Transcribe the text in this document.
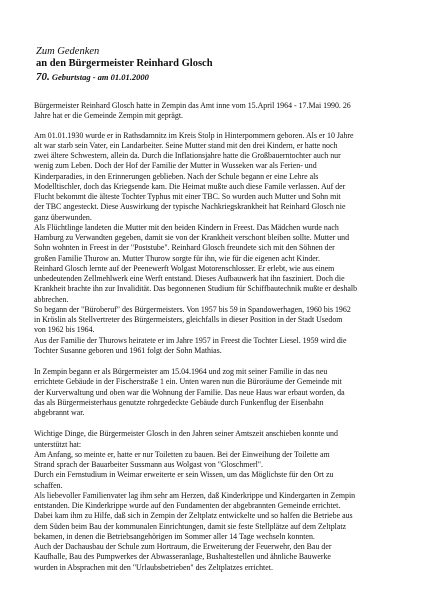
Zum Gedenken
an den Bürgermeister Reinhard Glosch
70. Geburtstag - am 01.01.2000

Bürgermeister Reinhard Glosch hatte in Zempin das Amt inne vom 15.April 1964 - 17.Mai 1990. 26
Jahre hat er die Gemeinde Zempin mit geprägt.

Am 01.01.1930 wurde er in Rathsdamnitz im Kreis Stolp in Hinterpommern geboren. Als er 10 Jahre
alt war starb sein Vater, ein Landarbeiter. Seine Mutter stand mit den drei Kindern, er hatte noch
zwei ältere Schwestern, allein da. Durch die Inflationsjahre hatte die Großbauerntochter auch nur
wenig zum Leben. Doch der Hof der Familie der Mutter in Wusseken war als Ferien- und
Kinderparadies, in den Erinnerungen geblieben. Nach der Schule begann er eine Lehre als
Modelltischler, doch das Kriegsende kam. Die Heimat mußte auch diese Famile verlassen. Auf der
Flucht bekommt die älteste Tochter Typhus mit einer TBC. So wurden auch Mutter und Sohn mit
der TBC angesteckt. Diese Auswirkung der typische Nachkriegskrankheit hat Reinhard Glosch nie
ganz überwunden.
Als Flüchtlinge landeten die Mutter mit den beiden Kindern in Freest. Das Mädchen wurde nach
Hamburg zu Verwandten gegeben, damit sie von der Krankheit verschont bleiben sollte. Mutter und
Sohn wohnten in Freest in der "Poststube". Reinhard Glosch freundete sich mit den Söhnen der
großen Familie Thurow an. Mutter Thurow sorgte für ihn, wie für die eigenen acht Kinder.
Reinhard Glosch lernte auf der Peenewerft Wolgast Motorenschlosser. Er erlebt, wie aus einem
unbedeutenden Zellmehlwerk eine Werft entstand. Dieses Aufbauwerk hat ihn fasziniert. Doch die
Krankheit brachte ihn zur Invalidität. Das begonnenen Studium für Schiffbautechnik mußte er deshalb
abbrechen.
So begann der "Büroberuf" des Bürgermeisters. Von 1957 bis 59 in Spandowerhagen, 1960 bis 1962
in Kröslin als Stellvertreter des Bürgermeisters, gleichfalls in dieser Position in der Stadt Usedom
von 1962 bis 1964.
Aus der Familie der Thurows heiratete er im Jahre 1957 in Freest die Tochter Liesel. 1959 wird die
Tochter Susanne geboren und 1961 folgt der Sohn Mathias.

In Zempin begann er als Bürgermeister am 15.04.1964 und zog mit seiner Familie in das neu
errichtete Gebäude in der Fischerstraße 1 ein. Unten waren nun die Büroräume der Gemeinde mit
der Kurverwaltung und oben war die Wohnung der Familie. Das neue Haus war erbaut worden, da
das als Bürgermeisterhaus genutzte rohrgedeckte Gebäude durch Funkenflug der Eisenbahn
abgebrannt war.

Wichtige Dinge, die Bürgermeister Glosch in den Jahren seiner Amtszeit anschieben konnte und
unterstützt hat:
Am Anfang, so meinte er, hatte er nur Toiletten zu bauen. Bei der Einweihung der Toilette am
Strand sprach der Bauarbeiter Sussmann aus Wolgast von "Gloschmerl".
Durch ein Fernstudium in Weimar erweiterte er sein Wissen, um das Möglichste für den Ort zu
schaffen.
Als liebevoller Familienvater lag ihm sehr am Herzen, daß Kinderkrippe und Kindergarten in Zempin
entstanden. Die Kinderkrippe wurde auf den Fundamenten der abgebrannten Gemeinde errichtet.
Dabei kam ihm zu Hilfe, daß sich in Zempin der Zeltplatz entwickelte und so halfen die Betriebe aus
dem Süden beim Bau der kommunalen Einrichtungen, damit sie feste Stellplätze auf dem Zeltplatz
bekamen, in denen die Betriebsangehörigen im Sommer aller 14 Tage wechseln konnten.
Auch der Dachausbau der Schule zum Hortraum, die Erweiterung der Feuerwehr, den Bau der
Kaufhalle, Bau des Pumpwerkes der Abwasseranlage, Bushaltestellen und ähnliche Bauwerke
wurden in Absprachen mit den "Urlaubsbetrieben" des Zeltplatzes errichtet.
